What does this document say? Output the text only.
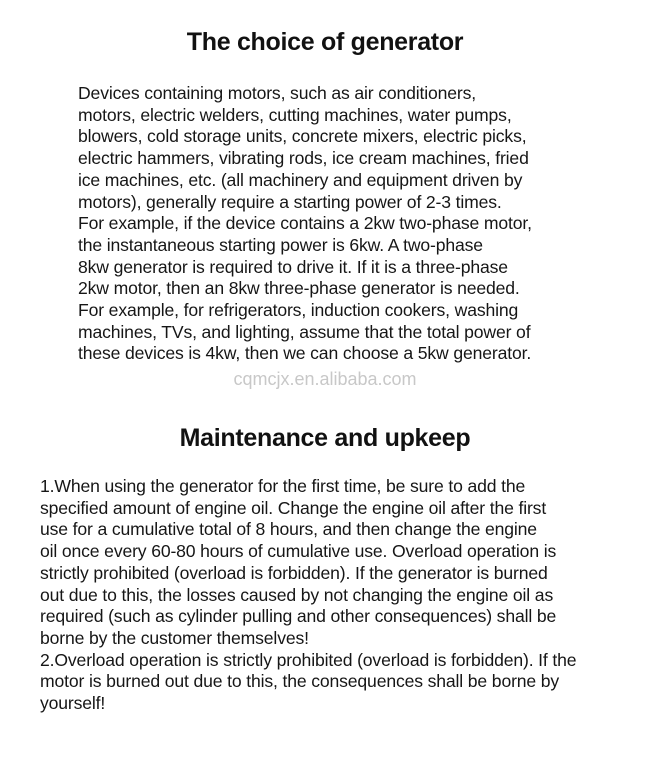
The choice of generator
Devices containing motors, such as air conditioners,
motors, electric welders, cutting machines, water pumps,
blowers, cold storage units, concrete mixers, electric picks,
electric hammers, vibrating rods, ice cream machines, fried
ice machines, etc. (all machinery and equipment driven by
motors), generally require a starting power of 2-3 times.
For example, if the device contains a 2kw two-phase motor,
the instantaneous starting power is 6kw. A two-phase
8kw generator is required to drive it. If it is a three-phase
2kw motor, then an 8kw three-phase generator is needed.
For example, for refrigerators, induction cookers, washing
machines, TVs, and lighting, assume that the total power of
these devices is 4kw, then we can choose a 5kw generator.
cqmcjx.en.alibaba.com
Maintenance and upkeep
1.When using the generator for the first time, be sure to add the
specified amount of engine oil. Change the engine oil after the first
use for a cumulative total of 8 hours, and then change the engine
oil once every 60-80 hours of cumulative use. Overload operation is
strictly prohibited (overload is forbidden). If the generator is burned
out due to this, the losses caused by not changing the engine oil as
required (such as cylinder pulling and other consequences) shall be
borne by the customer themselves!
2.Overload operation is strictly prohibited (overload is forbidden). If the
motor is burned out due to this, the consequences shall be borne by
yourself!
